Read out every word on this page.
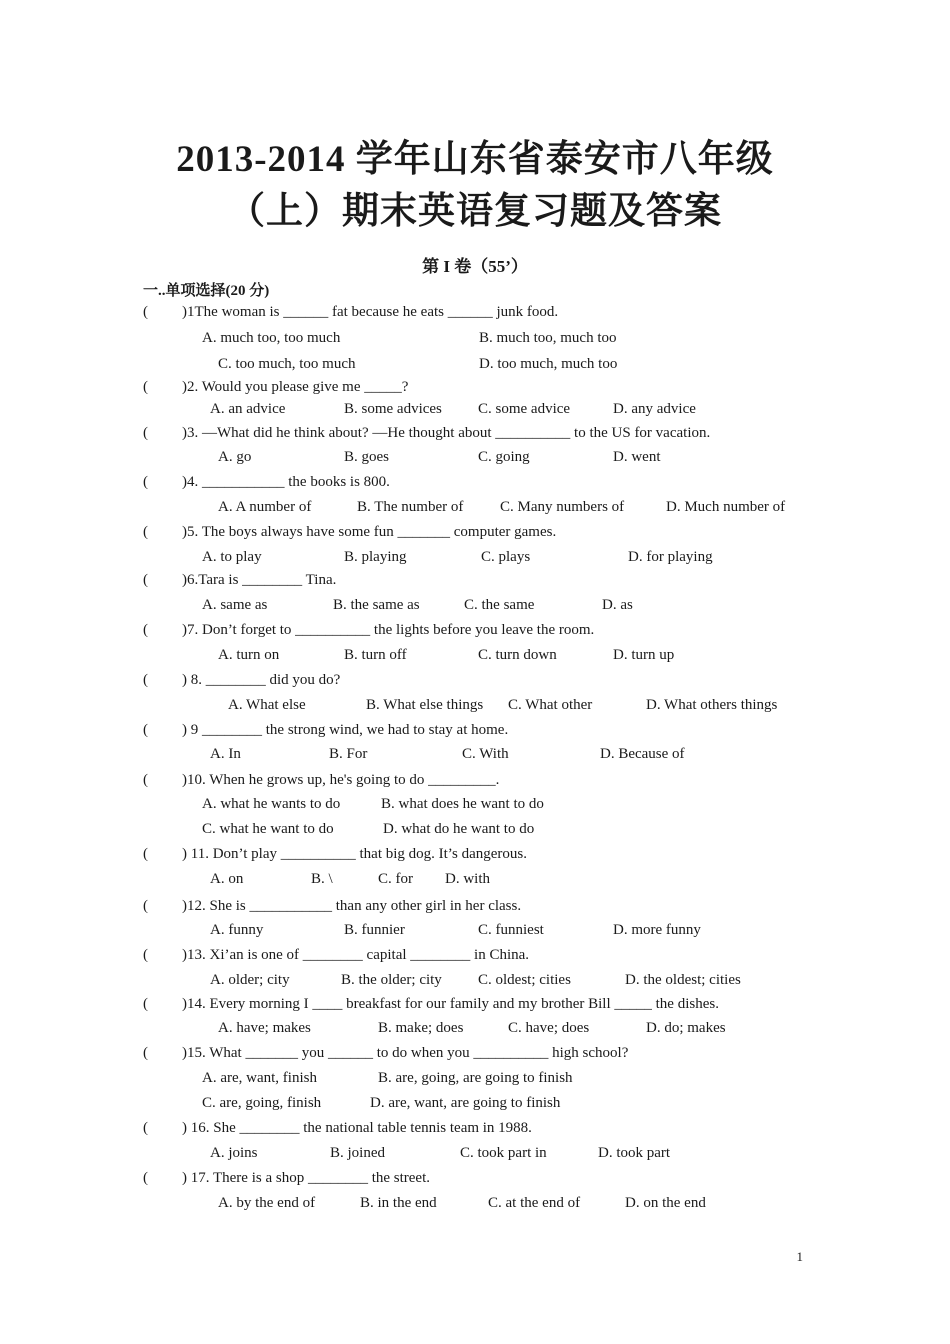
2013-2014 学年山东省泰安市八年级
（上）期末英语复习题及答案
第 I 卷（55’）
一..单项选择(20 分)
( )1The woman is ______ fat because he eats ______ junk food.
A. much too, too much	B. much too, much too
C. too much, too much	D. too much, much too
( )2. Would you please give me _____?
A. an advice	B. some advices C. some advice	D. any advice
( )3. —What did he think about? —He thought about __________ to the US for vacation.
A. go	B. goes	C. going	D. went
( )4. ___________ the books is 800.
A. A number of	B. The number of C. Many numbers of	D. Much number of
( )5. The boys always have some fun _______ computer games.
A. to play	B. playing	C. plays	D. for playing
( )6.Tara is ________ Tina.
A. same as	B. the same as	C. the same	D. as
( )7. Don’t forget to __________ the lights before you leave the room.
A. turn on	B. turn off	C. turn down	D. turn up
( ) 8. ________ did you do?
A. What else	B. What else things C. What other	D. What others things
( ) 9 ________ the strong wind, we had to stay at home.
A. In	B. For	C. With	D. Because of
( )10. When he grows up, he's going to do _________.
A. what he wants to do	B. what does he want to do
C. what he want to do	D. what do he want to do
( ) 11. Don’t play __________ that big dog. It’s dangerous.
A. on	B. \	C. for D. with
( )12. She is ___________ than any other girl in her class.
A. funny	B. funnier	C. funniest	D. more funny
( )13. Xi’an is one of ________ capital ________ in China.
A. older; city	B. the older; city C. oldest; cities	D. the oldest; cities
( )14. Every morning I ____ breakfast for our family and my brother Bill _____ the dishes.
A. have; makes	B. make; does	C. have; does	D. do; makes
( )15. What _______ you ______ to do when you __________ high school?
A. are, want, finish	B. are, going, are going to finish
C. are, going, finish	D. are, want, are going to finish
( ) 16. She ________ the national table tennis team in 1988.
A. joins	B. joined	C. took part in	D. took part
( ) 17. There is a shop ________ the street.
A. by the end of	B. in the end	C. at the end of	D. on the end
1
